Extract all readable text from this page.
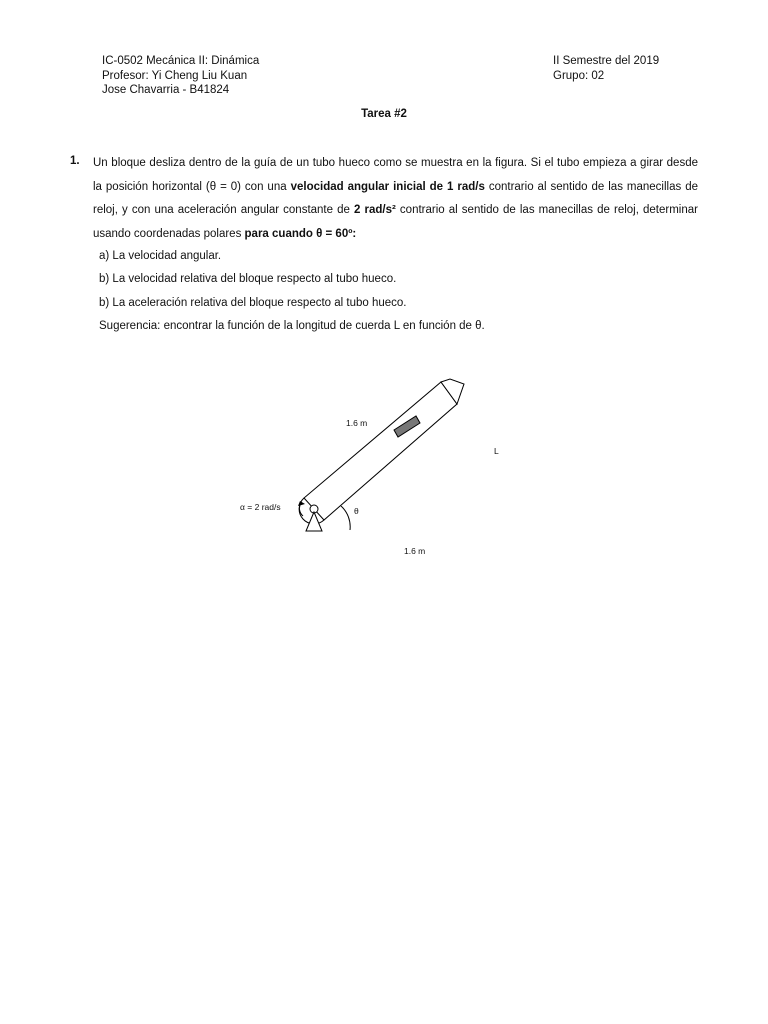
IC-0502 Mecánica II: Dinámica
Profesor: Yi Cheng Liu Kuan
Jose Chavarria - B41824
II Semestre del 2019
Grupo: 02
Tarea #2
1. Un bloque desliza dentro de la guía de un tubo hueco como se muestra en la figura. Si el tubo empieza a girar desde la posición horizontal (θ = 0) con una velocidad angular inicial de 1 rad/s contrario al sentido de las manecillas de reloj, y con una aceleración angular constante de 2 rad/s² contrario al sentido de las manecillas de reloj, determinar usando coordenadas polares para cuando θ = 60º:
a) La velocidad angular.
b) La velocidad relativa del bloque respecto al tubo hueco.
b) La aceleración relativa del bloque respecto al tubo hueco.
Sugerencia: encontrar la función de la longitud de cuerda L en función de θ.
1.6 m
L
α = 2 rad/s	θ
1.6 m
